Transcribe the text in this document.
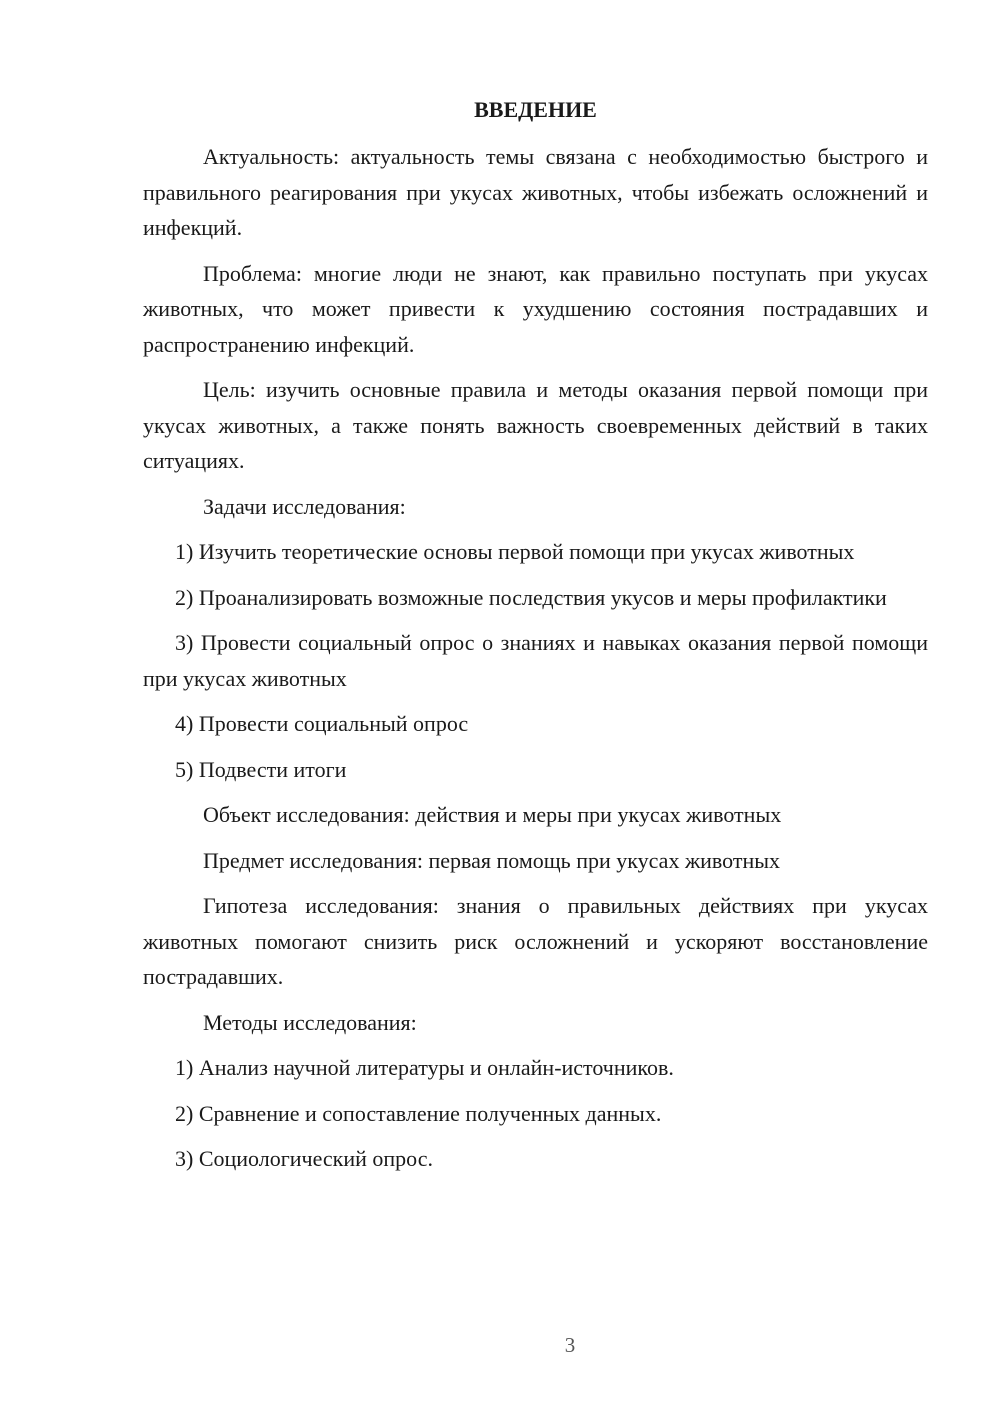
ВВЕДЕНИЕ

Актуальность: актуальность темы связана с необходимостью быстрого и правильного реагирования при укусах животных, чтобы избежать осложнений и инфекций.

Проблема: многие люди не знают, как правильно поступать при укусах животных, что может привести к ухудшению состояния пострадавших и распространению инфекций.

Цель: изучить основные правила и методы оказания первой помощи при укусах животных, а также понять важность своевременных действий в таких ситуациях.

Задачи исследования:

1) Изучить теоретические основы первой помощи при укусах животных

2) Проанализировать возможные последствия укусов и меры профилактики

3) Провести социальный опрос о знаниях и навыках оказания первой помощи при укусах животных

4) Провести социальный опрос

5) Подвести итоги

Объект исследования: действия и меры при укусах животных

Предмет исследования: первая помощь при укусах животных

Гипотеза исследования: знания о правильных действиях при укусах животных помогают снизить риск осложнений и ускоряют восстановление пострадавших.

Методы исследования:

1) Анализ научной литературы и онлайн-источников.

2) Сравнение и сопоставление полученных данных.

3) Социологический опрос.

3
